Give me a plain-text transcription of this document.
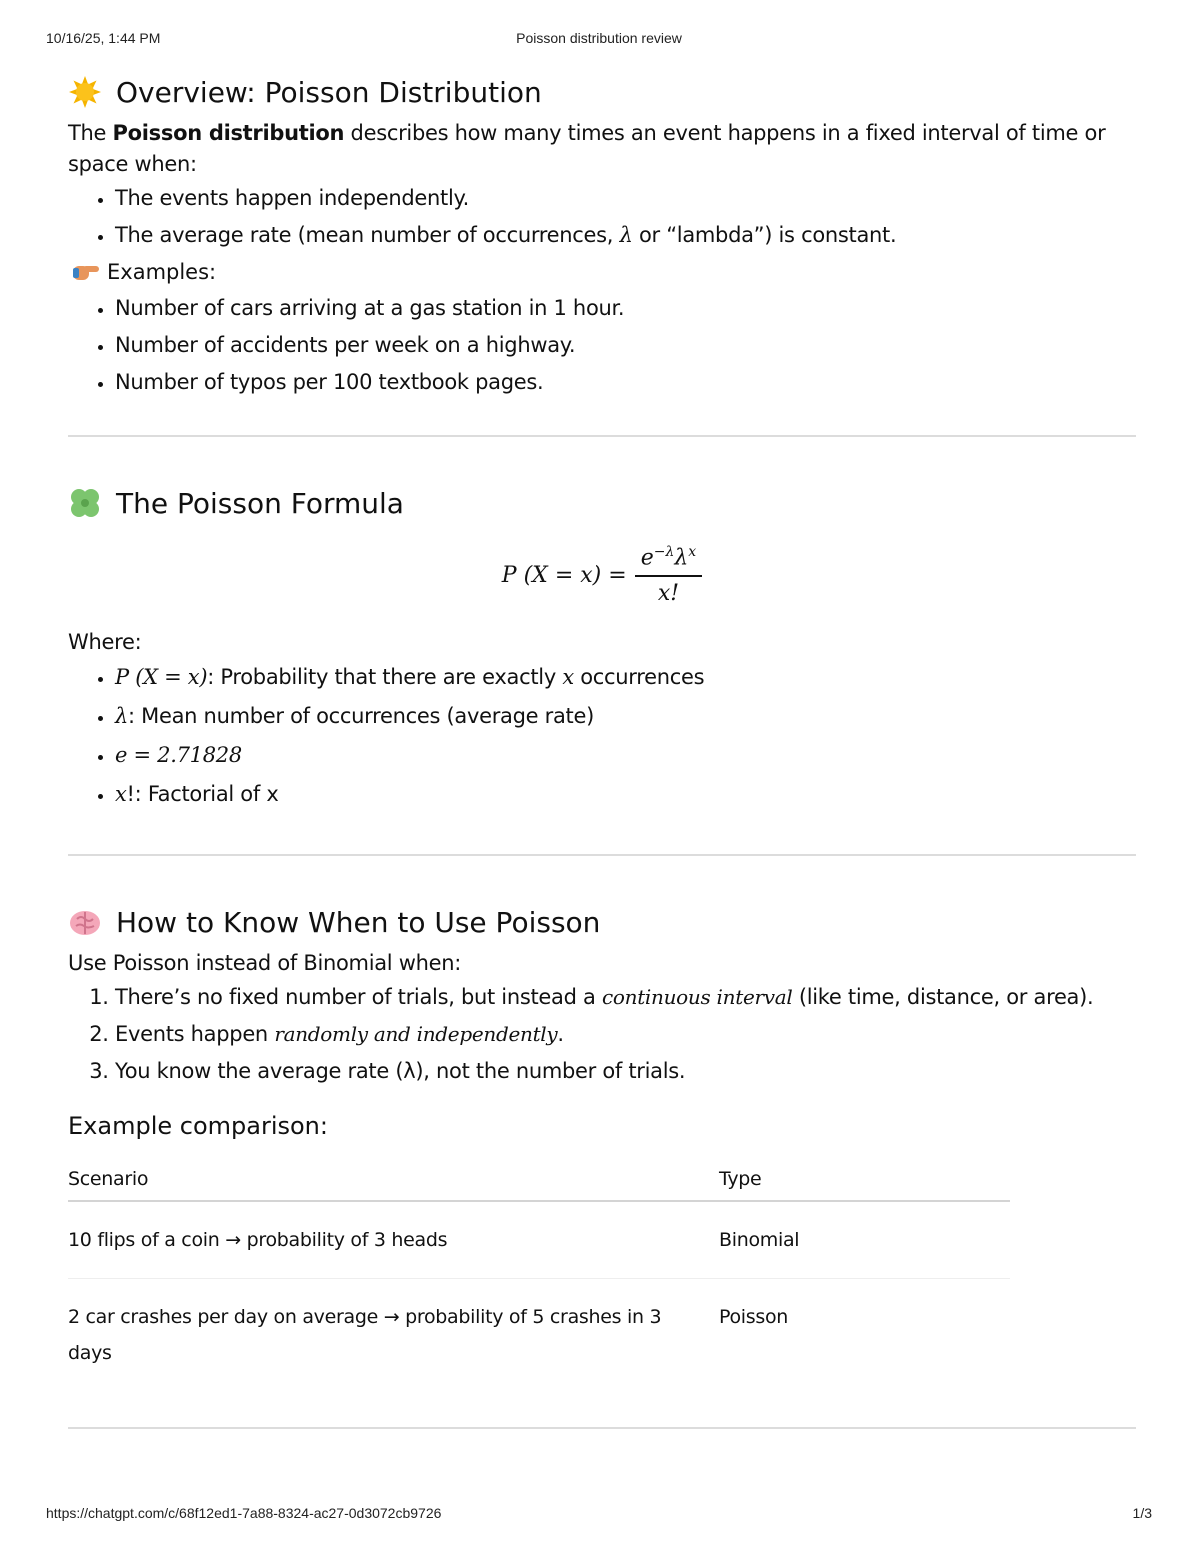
10/16/25, 1:44 PM	Poisson distribution review
Overview: Poisson Distribution

The Poisson distribution describes how many times an event happens in a fixed interval of time or space when:

• The events happen independently.
• The average rate (mean number of occurrences, λ or “lambda”) is constant.
Examples:
• Number of cars arriving at a gas station in 1 hour.
• Number of accidents per week on a highway.
• Number of typos per 100 textbook pages.
The Poisson Formula
P $(X = x) = \frac{e^{-\lambda}\lambda^x}{x!}$

Where:

• P (X = x): Probability that there are exactly x occurrences
• λ: Mean number of occurrences (average rate)
• e = 2.71828
• x!: Factorial of x
How to Know When to Use Poisson

Use Poisson instead of Binomial when:

1. There’s no fixed number of trials, but instead a continuous interval (like time, distance, or area).
2. Events happen randomly and independently.
3. You know the average rate (λ), not the number of trials.
Example comparison:
Scenario	Type
10 flips of a coin → probability of 3 heads	Binomial
2 car crashes per day on average → probability of 5 crashes in 3 days	Poisson
https://chatgpt.com/c/68f12ed1-7a88-8324-ac27-0d3072cb9726	1/3
